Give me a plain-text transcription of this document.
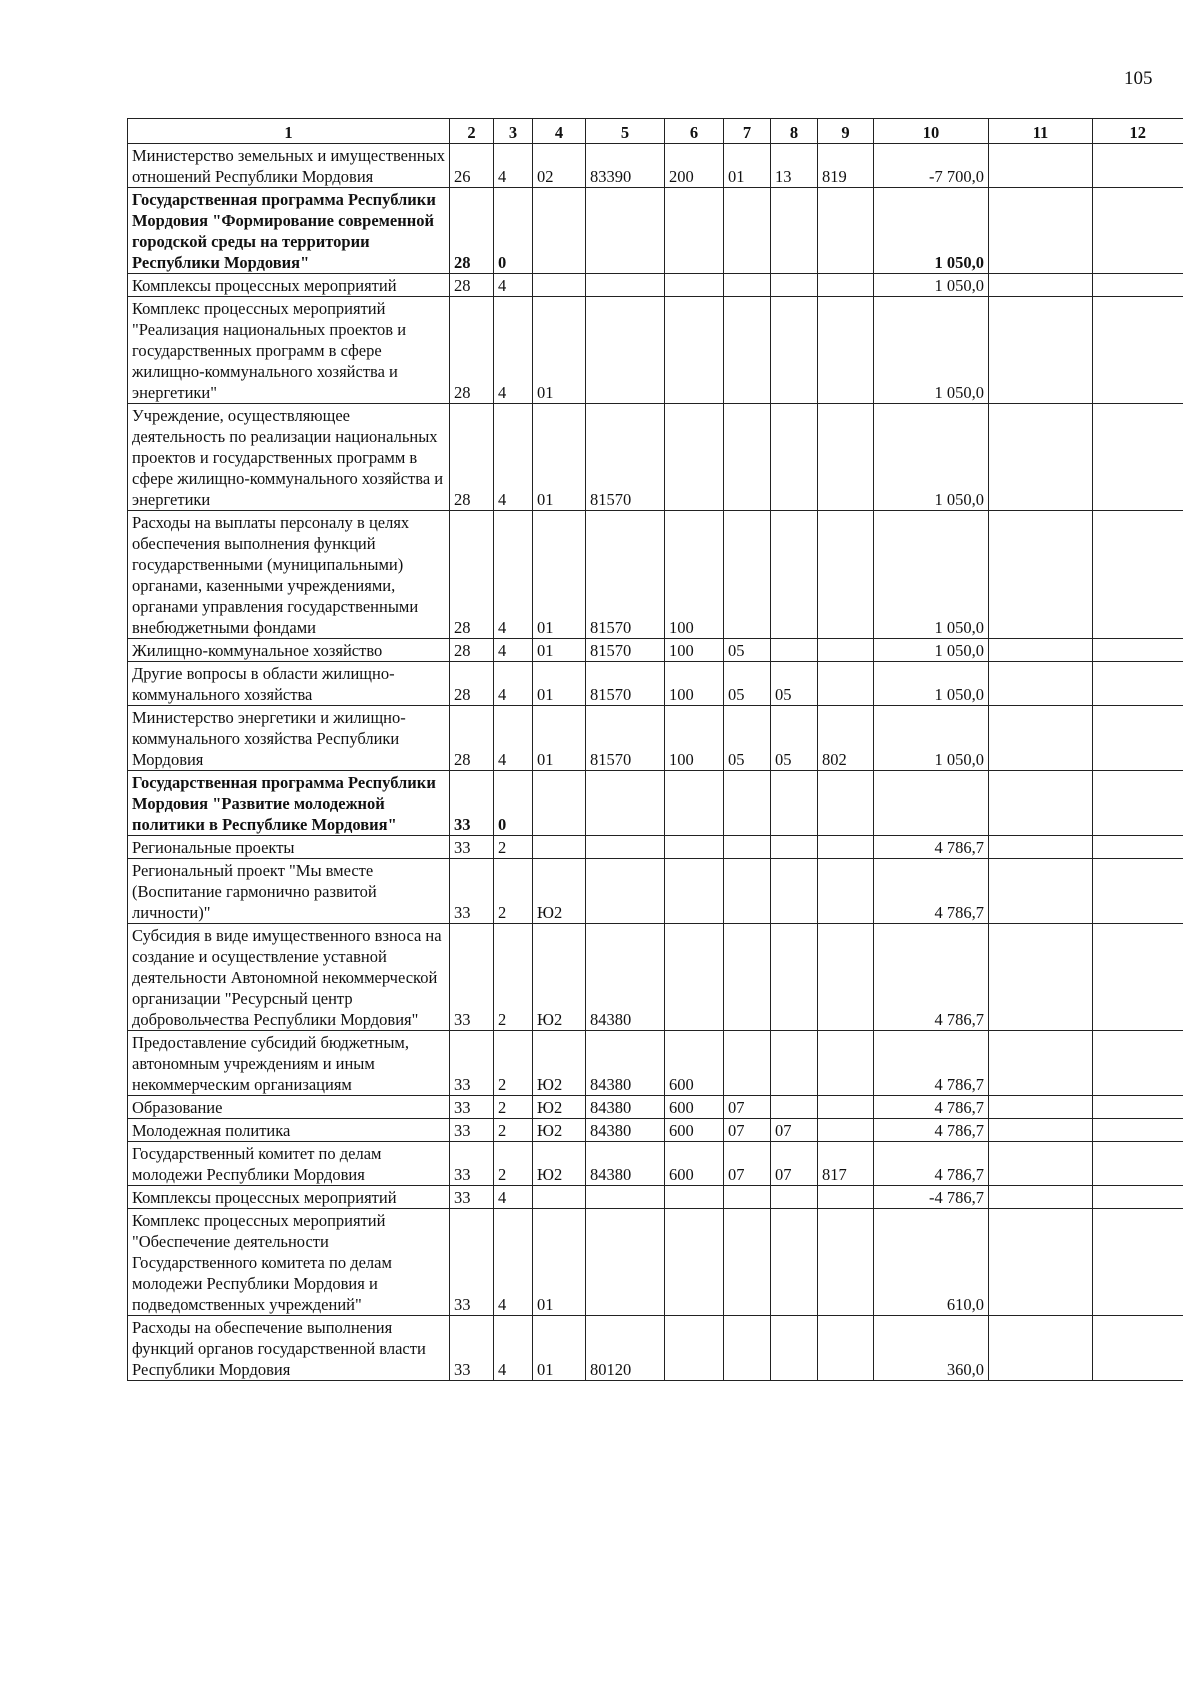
105
1	2	3	4	5	6	7	8	9	10	11	12
Министерство земельных и имущественных отношений Республики Мордовия	26	4	02	83390	200	01	13	819	-7 700,0		
Государственная программа Республики Мордовия "Формирование современной городской среды на территории Республики Мордовия"	28	0							1 050,0		
Комплексы процессных мероприятий	28	4							1 050,0		
Комплекс процессных мероприятий "Реализация национальных проектов и государственных программ в сфере жилищно-коммунального хозяйства и энергетики"	28	4	01						1 050,0		
Учреждение, осуществляющее деятельность по реализации национальных проектов и государственных программ в сфере жилищно-коммунального хозяйства и энергетики	28	4	01	81570					1 050,0		
Расходы на выплаты персоналу в целях обеспечения выполнения функций государственными (муниципальными) органами, казенными учреждениями, органами управления государственными внебюджетными фондами	28	4	01	81570	100				1 050,0		
Жилищно-коммунальное хозяйство	28	4	01	81570	100	05			1 050,0		
Другие вопросы в области жилищно-коммунального хозяйства	28	4	01	81570	100	05	05		1 050,0		
Министерство энергетики и жилищно-коммунального хозяйства Республики Мордовия	28	4	01	81570	100	05	05	802	1 050,0		
Государственная программа Республики Мордовия "Развитие молодежной политики в Республике Мордовия"	33	0									
Региональные проекты	33	2							4 786,7		
Региональный проект "Мы вместе (Воспитание гармонично развитой личности)"	33	2	Ю2						4 786,7		
Субсидия в виде имущественного взноса на создание и осуществление уставной деятельности Автономной некоммерческой организации "Ресурсный центр добровольчества Республики Мордовия"	33	2	Ю2	84380					4 786,7		
Предоставление субсидий бюджетным, автономным учреждениям и иным некоммерческим организациям	33	2	Ю2	84380	600				4 786,7		
Образование	33	2	Ю2	84380	600	07			4 786,7		
Молодежная политика	33	2	Ю2	84380	600	07	07		4 786,7		
Государственный комитет по делам молодежи Республики Мордовия	33	2	Ю2	84380	600	07	07	817	4 786,7		
Комплексы процессных мероприятий	33	4							-4 786,7		
Комплекс процессных мероприятий "Обеспечение деятельности Государственного комитета по делам молодежи Республики Мордовия и подведомственных учреждений"	33	4	01						610,0		
Расходы на обеспечение выполнения функций органов государственной власти Республики Мордовия	33	4	01	80120					360,0		
